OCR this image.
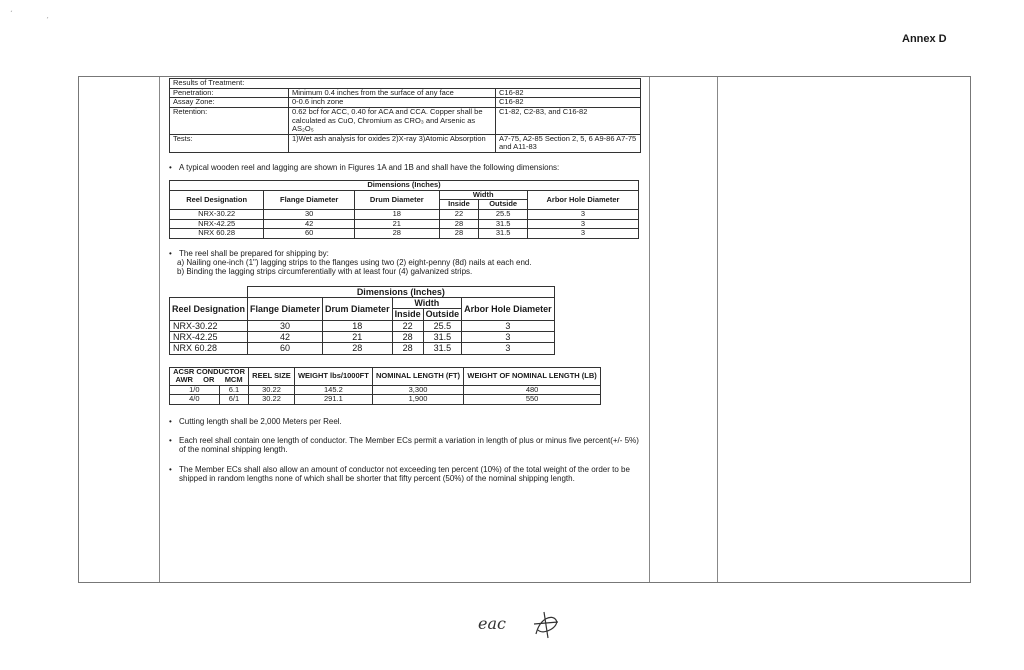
Annex D
ˊ	ˏ
Results of Treatment:		
Penetration:	Minimum 0.4 inches from the surface of any face	C16-82
Assay Zone:	0-0.6 inch zone	C16-82
Retention:	0.62 bcf for ACC, 0.40 for ACA and CCA. Copper shall be calculated as CuO, Chromium as CRO₃ and Arsenic as AS₂O₅	C1-82, C2-83, and C16-82
Tests:	1)Wet ash analysis for oxides 2)X-ray 3)Atomic Absorption	A7-75, A2-85 Section 2, 5, 6 A9-86 A7-75 and A11-83

• A typical wooden reel and lagging are shown in Figures 1A and 1B and shall have the following dimensions:

Dimensions (Inches)					
Reel Designation	Flange Diameter	Drum Diameter	Width		Arbor Hole Diameter
			Inside	Outside	
NRX-30.22	30	18	22	25.5	3
NRX-42.25	42	21	28	31.5	3
NRX 60.28	60	28	28	31.5	3

• The reel shall be prepared for shipping by:

a) Nailing one-inch (1") lagging strips to the flanges using two (2) eight-penny (8d) nails at each end.

b) Binding the lagging strips circumferentially with at least four (4) galvanized strips.

	Dimensions (Inches)				
Reel Designation	Flange Diameter	Drum Diameter	Width		Arbor Hole Diameter
			Inside	Outside	
NRX-30.22	30	18	22	25.5	3
NRX-42.25	42	21	28	31.5	3
NRX 60.28	60	28	28	31.5	3
ACSR CONDUCTOR			REEL SIZE	WEIGHT lbs/1000FT	NOMINAL LENGTH (FT)	WEIGHT OF NOMINAL LENGTH (LB)
AWR	OR	MCM				
1/0		6.1	30.22	145.2	3,300	480
4/0		6/1	30.22	291.1	1,900	550

• Cutting length shall be 2,000 Meters per Reel.

• Each reel shall contain one length of conductor. The Member ECs permit a variation in length of plus or minus five percent(+/- 5%) of the nominal shipping length.

• The Member ECs shall also allow an amount of conductor not exceeding ten percent (10%) of the total weight of the order to be shipped in random lengths none of which shall be shorter that fifty percent (50%) of the nominal shipping length.

eac
